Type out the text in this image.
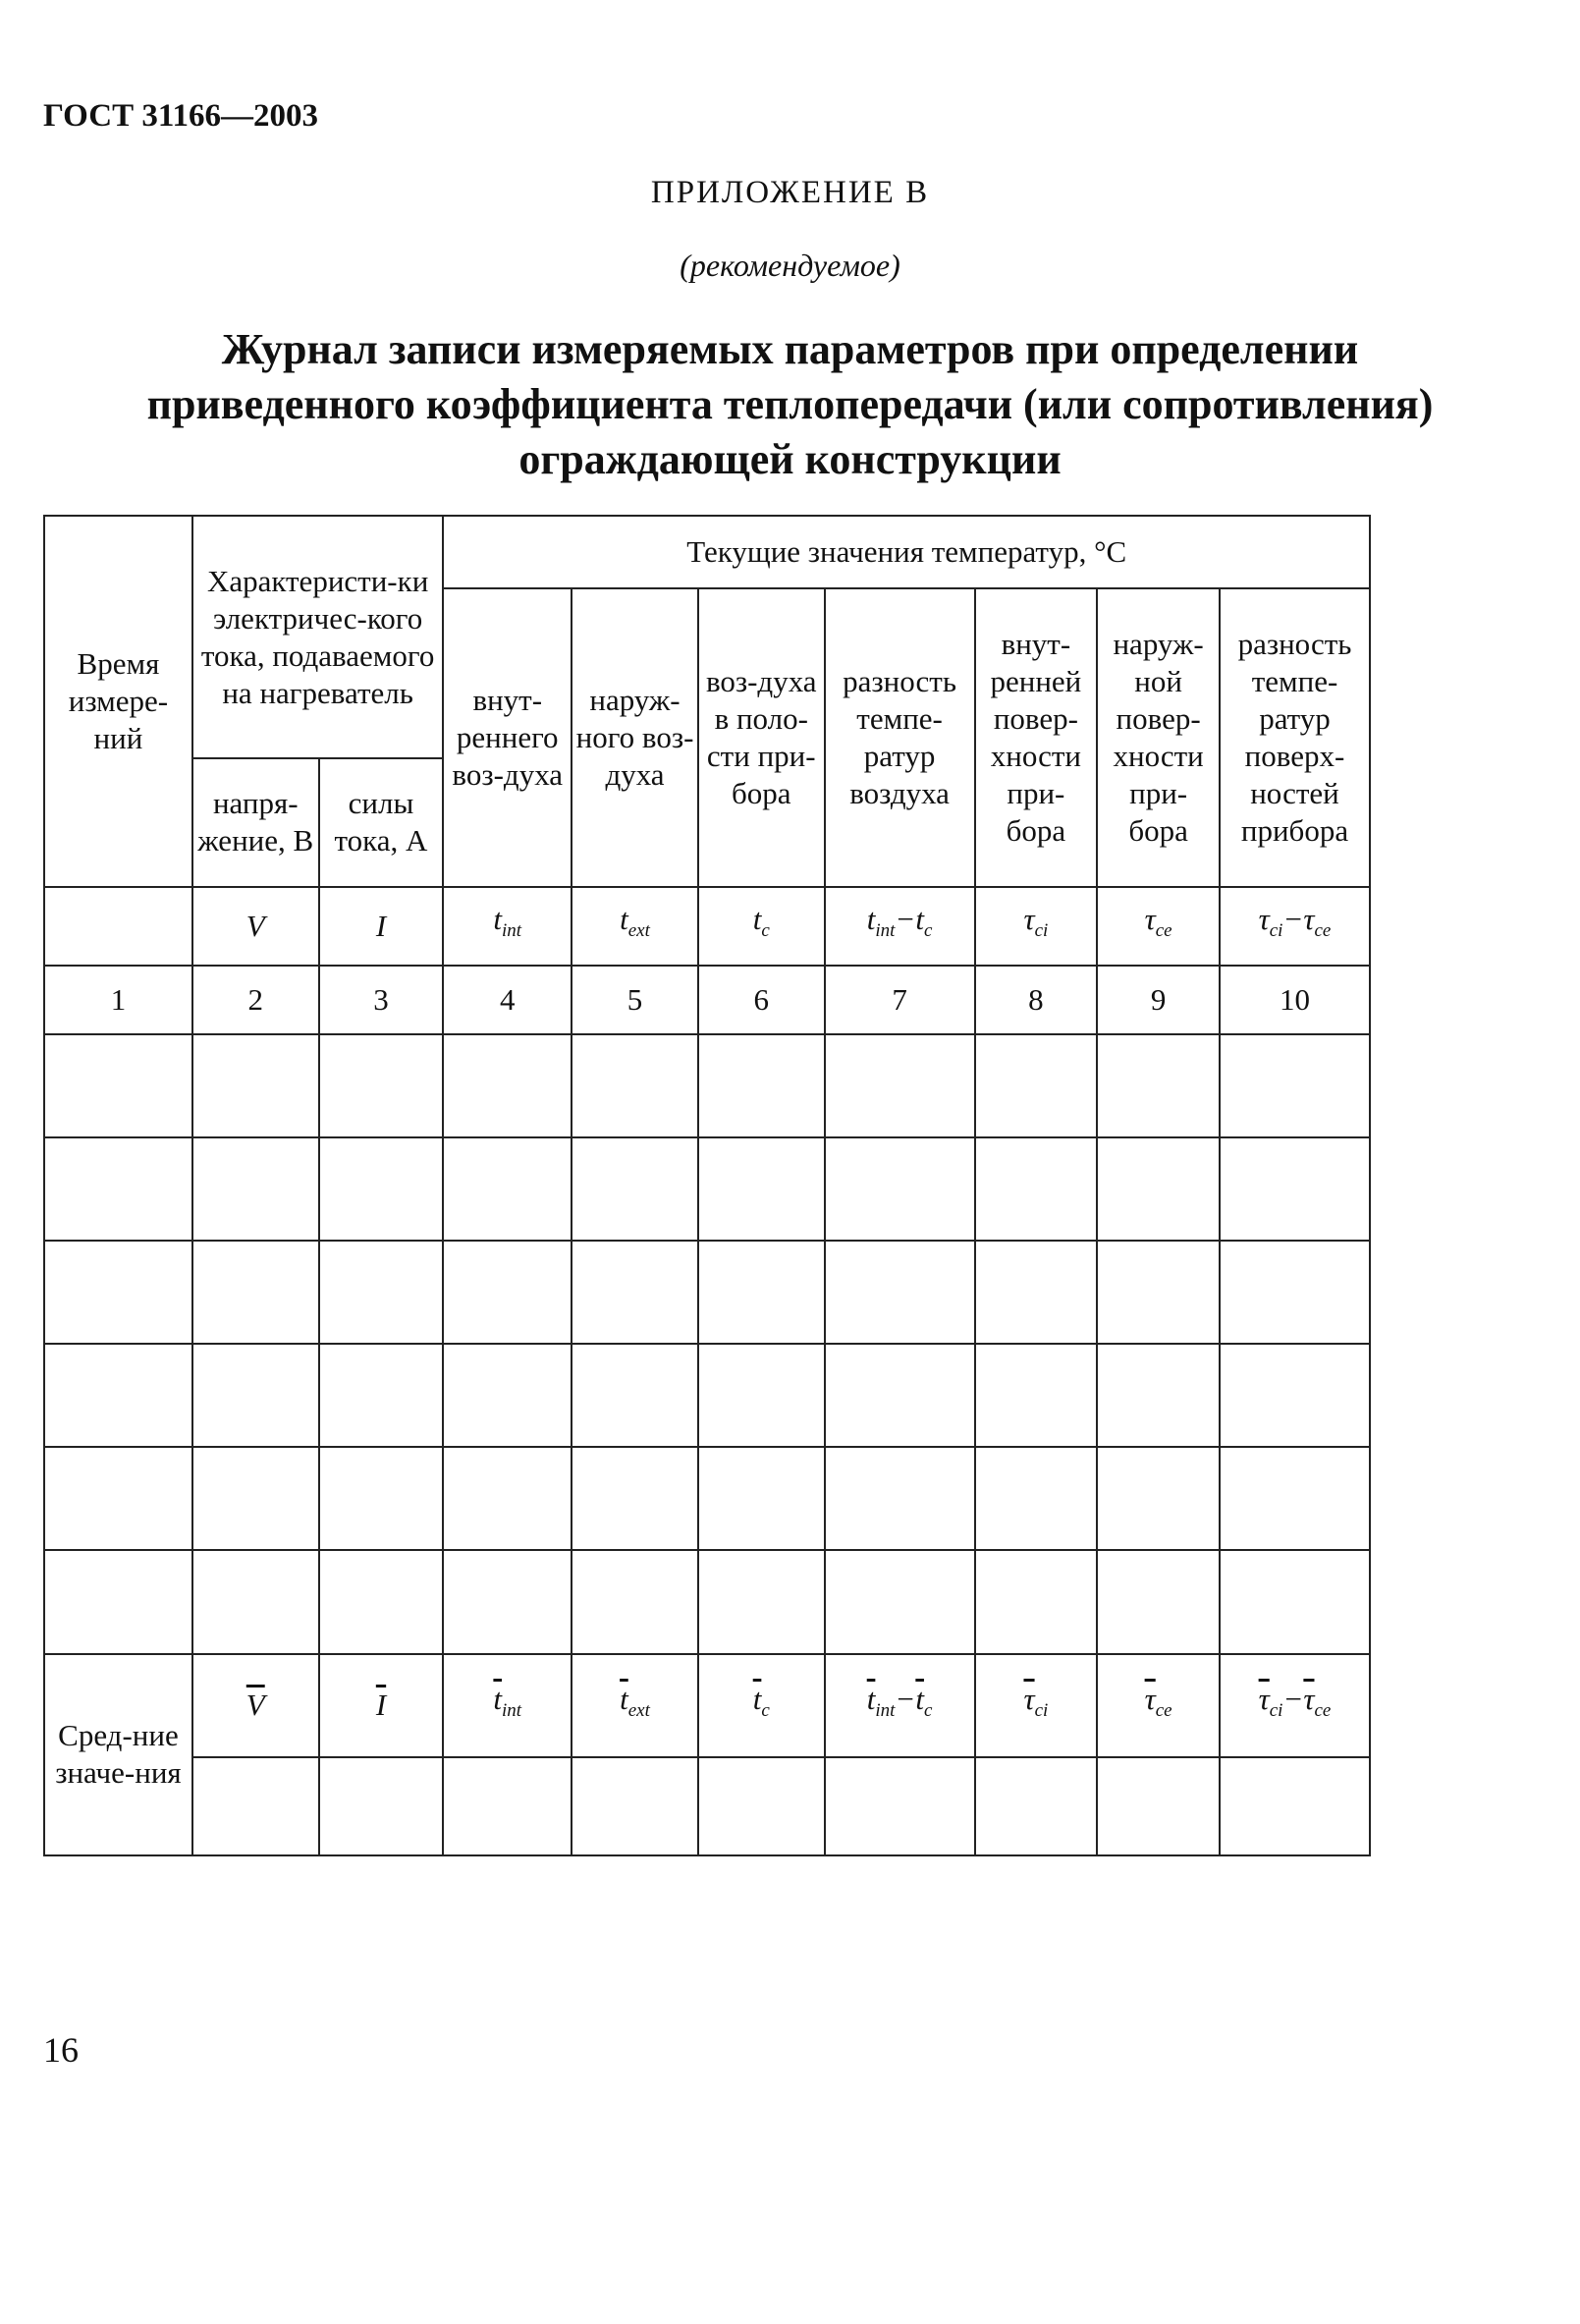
ГОСТ 31166—2003
ПРИЛОЖЕНИЕ В
(рекомендуемое)
Журнал записи измеряемых параметров при определении
приведенного коэффициента теплопередачи (или сопротивления)
ограждающей конструкции
Время измере-ний	Характеристи-ки электричес-кого тока, подаваемого на нагреватель		Текущие значения температур, °С						
			внут-реннего воз-духа	наруж-ного воз-духа	воз-духа в поло-сти при-бора	разность темпе-ратур воздуха	внут-ренней повер-хности при-бора	наруж-ной повер-хности при-бора	разность темпе-ратур поверх-ностей прибора
	напря-жение, В	силы тока, А							
	V	I	$t_{int}$	$t_{ext}$	$t_c$	$t_{int}-t_c$	$\tau_{ci}$	$\tau_{ce}$	$\tau_{ci}-\tau_{ce}$
1	2	3	4	5	6	7	8	9	10

Сред-ние значе-ния	$\overline{V}$	$\overline{I}$	$\overline{t}_{int}$	$\overline{t}_{ext}$	$\overline{t}_c$	$\overline{t}_{int}-\overline{t}_c$	$\overline{\tau}_{ci}$	$\overline{\tau}_{ce}$	$\overline{\tau}_{ci}-\overline{\tau}_{ce}$

16
